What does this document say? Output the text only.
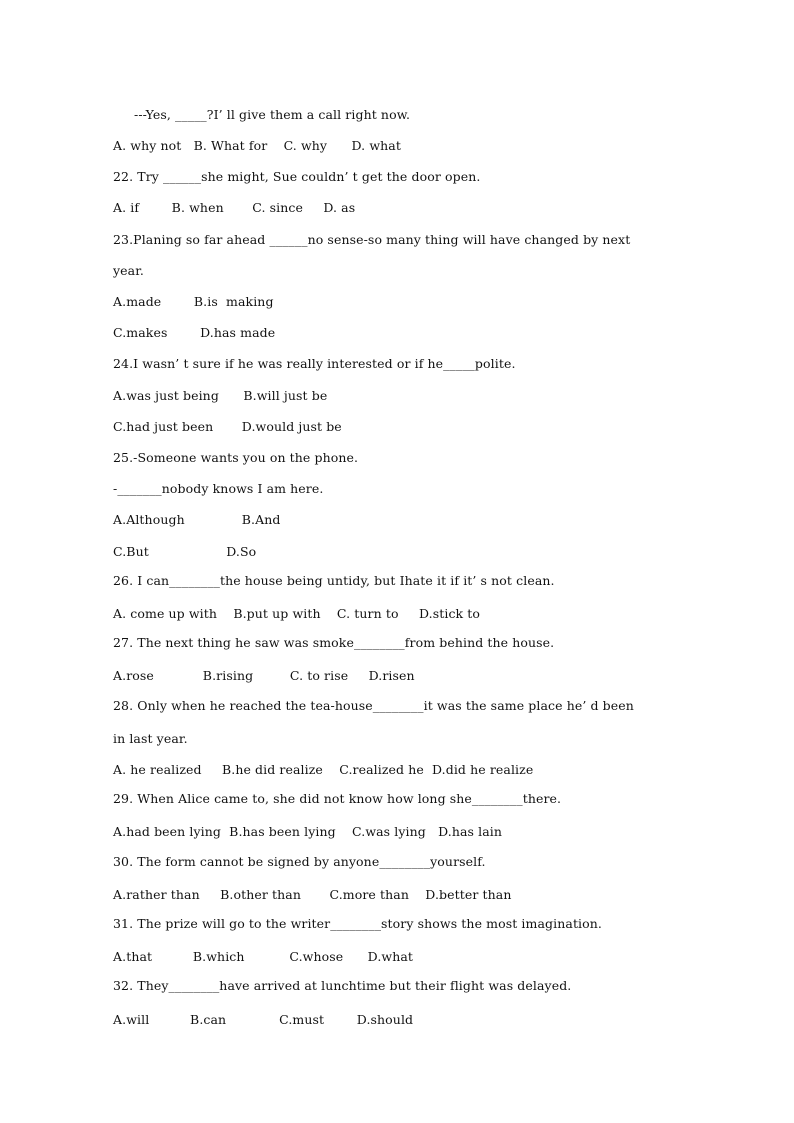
---Yes, _____?I’ ll give them a call right now.
A. why not   B. What for    C. why      D. what
22. Try ______she might, Sue couldn’ t get the door open.
A. if        B. when       C. since     D. as
23.Planing so far ahead ______no sense-so many thing will have changed by next
year.
A.made        B.is  making
C.makes        D.has made
24.I wasn’ t sure if he was really interested or if he_____polite.
A.was just being      B.will just be
C.had just been       D.would just be
25.-Someone wants you on the phone.
-_______nobody knows I am here.
A.Although              B.And
C.But                   D.So
26. I can________the house being untidy, but Ihate it if it’ s not clean.
A. come up with    B.put up with    C. turn to     D.stick to
27. The next thing he saw was smoke________from behind the house.
A.rose            B.rising         C. to rise     D.risen
28. Only when he reached the tea-house________it was the same place he’ d been
in last year.
A. he realized     B.he did realize    C.realized he  D.did he realize
29. When Alice came to, she did not know how long she________there.
A.had been lying  B.has been lying    C.was lying   D.has lain
30. The form cannot be signed by anyone________yourself.
A.rather than     B.other than       C.more than    D.better than
31. The prize will go to the writer________story shows the most imagination.
A.that          B.which           C.whose      D.what
32. They________have arrived at lunchtime but their flight was delayed.
A.will          B.can             C.must        D.should
